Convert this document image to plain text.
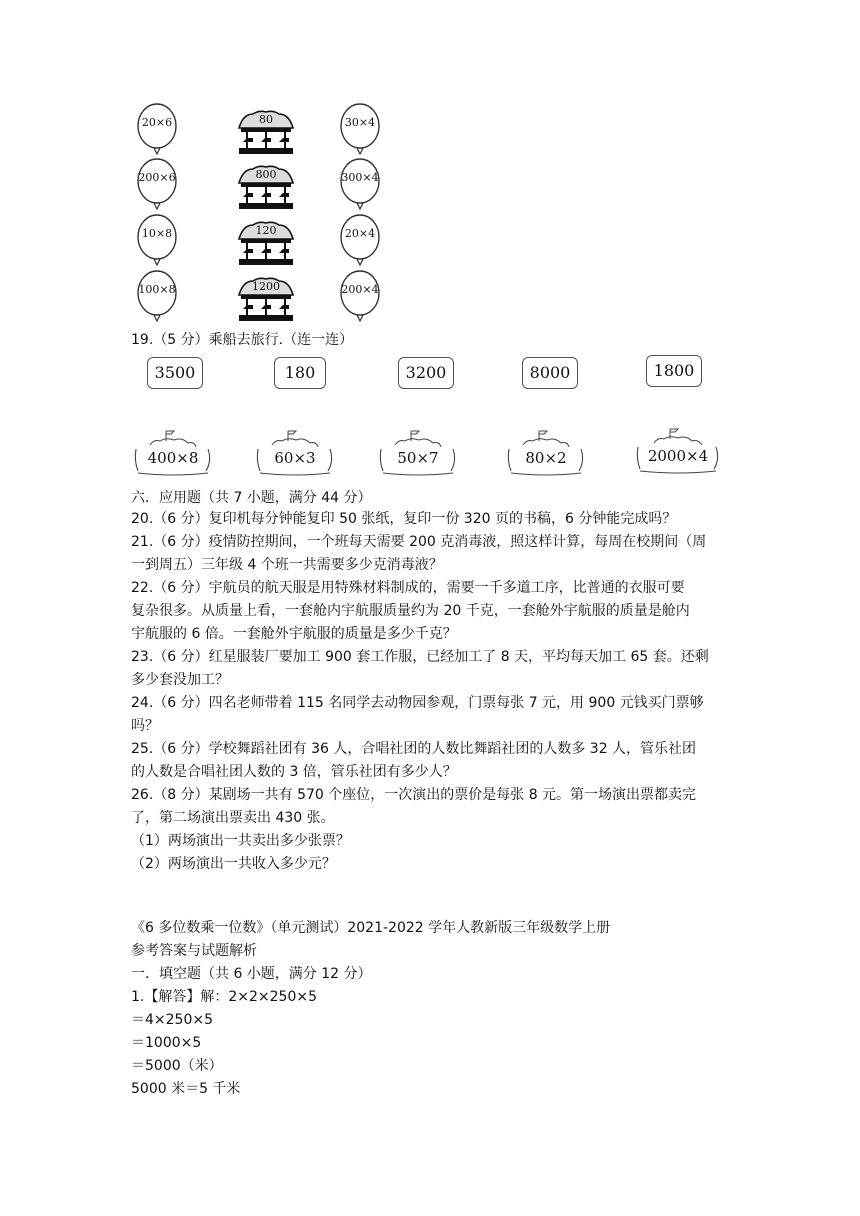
20×6
200×6
10×8
100×8
80
800
120
1200
30×4
300×4
20×4
200×4
19.（5 分）乘船去旅行.（连一连）
3500	180	3200	8000	1800
400×8	60×3	50×7	80×2	2000×4
六．应用题（共 7 小题，满分 44 分）
20.（6 分）复印机每分钟能复印 50 张纸，复印一份 320 页的书稿，6 分钟能完成吗？
21.（6 分）疫情防控期间，一个班每天需要 200 克消毒液，照这样计算，每周在校期间（周
一到周五）三年级 4 个班一共需要多少克消毒液？
22.（6 分）宇航员的航天服是用特殊材料制成的，需要一千多道工序，比普通的衣服可要
复杂很多。从质量上看，一套舱内宇航服质量约为 20 千克，一套舱外宇航服的质量是舱内
宇航服的 6 倍。一套舱外宇航服的质量是多少千克？
23.（6 分）红星服装厂要加工 900 套工作服，已经加工了 8 天，平均每天加工 65 套。还剩
多少套没加工？
24.（6 分）四名老师带着 115 名同学去动物园参观，门票每张 7 元，用 900 元钱买门票够
吗？
25.（6 分）学校舞蹈社团有 36 人，合唱社团的人数比舞蹈社团的人数多 32 人，管乐社团
的人数是合唱社团人数的 3 倍，管乐社团有多少人？
26.（8 分）某剧场一共有 570 个座位，一次演出的票价是每张 8 元。第一场演出票都卖完
了，第二场演出票卖出 430 张。
（1）两场演出一共卖出多少张票？
（2）两场演出一共收入多少元？
《6 多位数乘一位数》（单元测试）2021-2022 学年人教新版三年级数学上册
参考答案与试题解析
一．填空题（共 6 小题，满分 12 分）
1.【解答】解：2×2×250×5
＝4×250×5
＝1000×5
＝5000（米）
5000 米＝5 千米
